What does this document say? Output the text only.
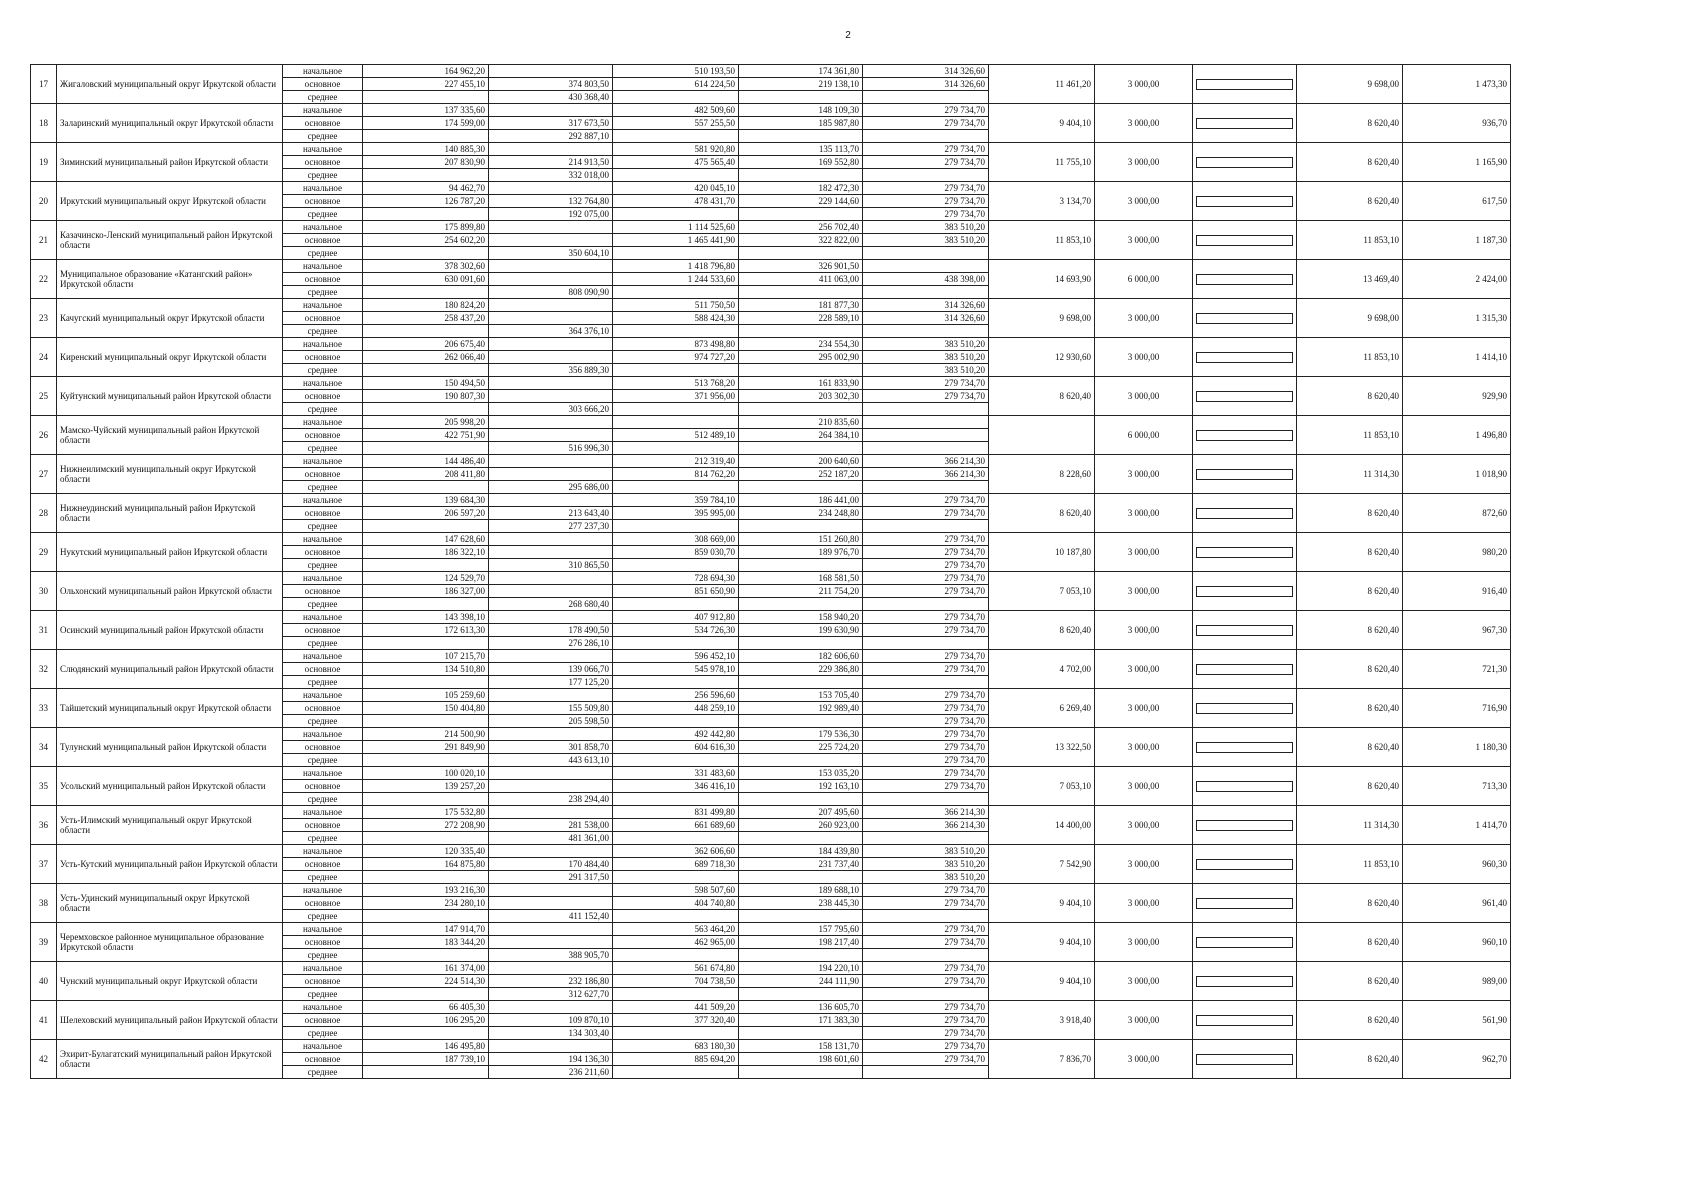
2
17	Жигаловский муниципальный округ Иркутской области	начальное	164 962,20		510 193,50	174 361,80	314 326,60	11 461,20	3 000,00		9 698,00	1 473,30
		основное	227 455,10	374 803,50	614 224,50	219 138,10	314 326,60					
		среднее		430 368,40								
18	Заларинский муниципальный округ Иркутской области	начальное	137 335,60		482 509,60	148 109,30	279 734,70	9 404,10	3 000,00		8 620,40	936,70
		основное	174 599,00	317 673,50	557 255,50	185 987,80	279 734,70					
		среднее		292 887,10								
19	Зиминский муниципальный район Иркутской области	начальное	140 885,30		581 920,80	135 113,70	279 734,70	11 755,10	3 000,00		8 620,40	1 165,90
		основное	207 830,90	214 913,50	475 565,40	169 552,80	279 734,70					
		среднее		332 018,00								
20	Иркутский муниципальный округ Иркутской области	начальное	94 462,70		420 045,10	182 472,30	279 734,70	3 134,70	3 000,00		8 620,40	617,50
		основное	126 787,20	132 764,80	478 431,70	229 144,60	279 734,70					
		среднее		192 075,00			279 734,70					
21	Казачинско-Ленский муниципальный район Иркутской области	начальное	175 899,80		1 114 525,60	256 702,40	383 510,20	11 853,10	3 000,00		11 853,10	1 187,30
		основное	254 602,20		1 465 441,90	322 822,00	383 510,20					
		среднее		350 604,10								
22	Муниципальное образование «Катангский район» Иркутской области	начальное	378 302,60		1 418 796,80	326 901,50		14 693,90	6 000,00		13 469,40	2 424,00
		основное	630 091,60		1 244 533,60	411 063,00	438 398,00					
		среднее		808 090,90								
23	Качугский муниципальный округ Иркутской области	начальное	180 824,20		511 750,50	181 877,30	314 326,60	9 698,00	3 000,00		9 698,00	1 315,30
		основное	258 437,20		588 424,30	228 589,10	314 326,60					
		среднее		364 376,10								
24	Киренский муниципальный округ Иркутской области	начальное	206 675,40		873 498,80	234 554,30	383 510,20	12 930,60	3 000,00		11 853,10	1 414,10
		основное	262 066,40		974 727,20	295 002,90	383 510,20					
		среднее		356 889,30			383 510,20					
25	Куйтунский муниципальный район Иркутской области	начальное	150 494,50		513 768,20	161 833,90	279 734,70	8 620,40	3 000,00		8 620,40	929,90
		основное	190 807,30		371 956,00	203 302,30	279 734,70					
		среднее		303 666,20								
26	Мамско-Чуйский муниципальный район Иркутской области	начальное	205 998,20			210 835,60			6 000,00		11 853,10	1 496,80
		основное	422 751,90		512 489,10	264 384,10						
		среднее		516 996,30								
27	Нижнеилимский муниципальный округ Иркутской области	начальное	144 486,40		212 319,40	200 640,60	366 214,30	8 228,60	3 000,00		11 314,30	1 018,90
		основное	208 411,80		814 762,20	252 187,20	366 214,30					
		среднее		295 686,00								
28	Нижнеудинский муниципальный район Иркутской области	начальное	139 684,30		359 784,10	186 441,00	279 734,70	8 620,40	3 000,00		8 620,40	872,60
		основное	206 597,20	213 643,40	395 995,00	234 248,80	279 734,70					
		среднее		277 237,30								
29	Нукутский муниципальный район Иркутской области	начальное	147 628,60		308 669,00	151 260,80	279 734,70	10 187,80	3 000,00		8 620,40	980,20
		основное	186 322,10		859 030,70	189 976,70	279 734,70					
		среднее		310 865,50			279 734,70					
30	Ольхонский муниципальный район Иркутской области	начальное	124 529,70		728 694,30	168 581,50	279 734,70	7 053,10	3 000,00		8 620,40	916,40
		основное	186 327,00		851 650,90	211 754,20	279 734,70					
		среднее		268 680,40								
31	Осинский муниципальный район Иркутской области	начальное	143 398,10		407 912,80	158 940,20	279 734,70	8 620,40	3 000,00		8 620,40	967,30
		основное	172 613,30	178 490,50	534 726,30	199 630,90	279 734,70					
		среднее		276 286,10								
32	Слюдянский муниципальный район Иркутской области	начальное	107 215,70		596 452,10	182 606,60	279 734,70	4 702,00	3 000,00		8 620,40	721,30
		основное	134 510,80	139 066,70	545 978,10	229 386,80	279 734,70					
		среднее		177 125,20								
33	Тайшетский муниципальный округ Иркутской области	начальное	105 259,60		256 596,60	153 705,40	279 734,70	6 269,40	3 000,00		8 620,40	716,90
		основное	150 404,80	155 509,80	448 259,10	192 989,40	279 734,70					
		среднее		205 598,50			279 734,70					
34	Тулунский муниципальный район Иркутской области	начальное	214 500,90		492 442,80	179 536,30	279 734,70	13 322,50	3 000,00		8 620,40	1 180,30
		основное	291 849,90	301 858,70	604 616,30	225 724,20	279 734,70					
		среднее		443 613,10			279 734,70					
35	Усольский муниципальный район Иркутской области	начальное	100 020,10		331 483,60	153 035,20	279 734,70	7 053,10	3 000,00		8 620,40	713,30
		основное	139 257,20		346 416,10	192 163,10	279 734,70					
		среднее		238 294,40								
36	Усть-Илимский муниципальный округ Иркутской области	начальное	175 532,80		831 499,80	207 495,60	366 214,30	14 400,00	3 000,00		11 314,30	1 414,70
		основное	272 208,90	281 538,00	661 689,60	260 923,00	366 214,30					
		среднее		481 361,00								
37	Усть-Кутский муниципальный район Иркутской области	начальное	120 335,40		362 606,60	184 439,80	383 510,20	7 542,90	3 000,00		11 853,10	960,30
		основное	164 875,80	170 484,40	689 718,30	231 737,40	383 510,20					
		среднее		291 317,50			383 510,20					
38	Усть-Удинский муниципальный округ Иркутской области	начальное	193 216,30		598 507,60	189 688,10	279 734,70	9 404,10	3 000,00		8 620,40	961,40
		основное	234 280,10		404 740,80	238 445,30	279 734,70					
		среднее		411 152,40								
39	Черемховское районное муниципальное образование Иркутской области	начальное	147 914,70		563 464,20	157 795,60	279 734,70	9 404,10	3 000,00		8 620,40	960,10
		основное	183 344,20		462 965,00	198 217,40	279 734,70					
		среднее		388 905,70								
40	Чунский муниципальный округ Иркутской области	начальное	161 374,00		561 674,80	194 220,10	279 734,70	9 404,10	3 000,00		8 620,40	989,00
		основное	224 514,30	232 186,80	704 738,50	244 111,90	279 734,70					
		среднее		312 627,70								
41	Шелеховский муниципальный район Иркутской области	начальное	66 405,30		441 509,20	136 605,70	279 734,70	3 918,40	3 000,00		8 620,40	561,90
		основное	106 295,20	109 870,10	377 320,40	171 383,30	279 734,70					
		среднее		134 303,40			279 734,70					
42	Эхирит-Булагатский муниципальный район Иркутской области	начальное	146 495,80		683 180,30	158 131,70	279 734,70	7 836,70	3 000,00		8 620,40	962,70
		основное	187 739,10	194 136,30	885 694,20	198 601,60	279 734,70					
		среднее		236 211,60								
